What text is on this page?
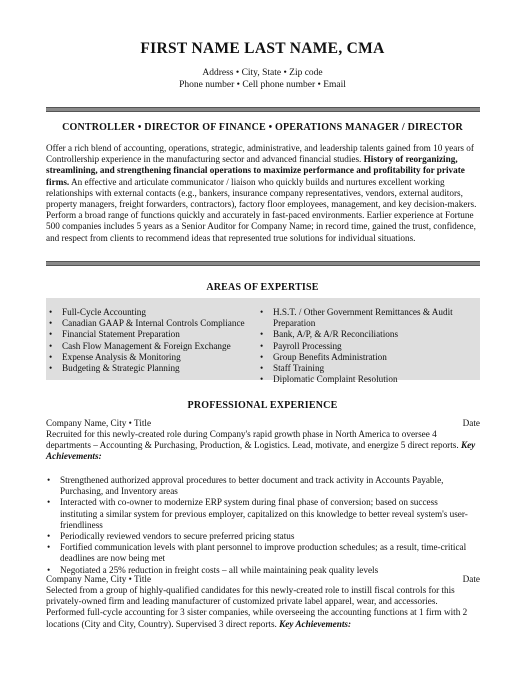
FIRST NAME LAST NAME, CMA
Address • City, State • Zip code
Phone number • Cell phone number • Email
CONTROLLER • DIRECTOR OF FINANCE • OPERATIONS MANAGER / DIRECTOR

Offer a rich blend of accounting, operations, strategic, administrative, and leadership talents gained from 10 years of Controllership experience in the manufacturing sector and advanced financial studies. History of reorganizing, streamlining, and strengthening financial operations to maximize performance and profitability for private firms. An effective and articulate communicator / liaison who quickly builds and nurtures excellent working relationships with external contacts (e.g., bankers, insurance company representatives, vendors, external auditors, property managers, freight forwarders, contractors), factory floor employees, management, and key decision-makers. Perform a broad range of functions quickly and accurately in fast-paced environments. Earlier experience at Fortune 500 companies includes 5 years as a Senior Auditor for Company Name; in record time, gained the trust, confidence, and respect from clients to recommend ideas that represented true solutions for individual situations.

AREAS OF EXPERTISE
• Full-Cycle Accounting
• Canadian GAAP & Internal Controls Compliance
• Financial Statement Preparation
• Cash Flow Management & Foreign Exchange
• Expense Analysis & Monitoring
• Budgeting & Strategic Planning
• H.S.T. / Other Government Remittances & Audit Preparation
• Bank, A/P, & A/R Reconciliations
• Payroll Processing
• Group Benefits Administration
• Staff Training
• Diplomatic Complaint Resolution
PROFESSIONAL EXPERIENCE
Company Name, City • Title	Date

Recruited for this newly-created role during Company's rapid growth phase in North America to oversee 4 departments – Accounting & Purchasing, Production, & Logistics. Lead, motivate, and energize 5 direct reports. Key Achievements:

• Strengthened authorized approval procedures to better document and track activity in Accounts Payable, Purchasing, and Inventory areas
• Interacted with co-owner to modernize ERP system during final phase of conversion; based on success instituting a similar system for previous employer, capitalized on this knowledge to better reveal system's user-friendliness
• Periodically reviewed vendors to secure preferred pricing status
• Fortified communication levels with plant personnel to improve production schedules; as a result, time-critical deadlines are now being met
• Negotiated a 25% reduction in freight costs – all while maintaining peak quality levels
Company Name, City • Title	Date

Selected from a group of highly-qualified candidates for this newly-created role to instill fiscal controls for this privately-owned firm and leading manufacturer of customized private label apparel, wear, and accessories. Performed full-cycle accounting for 3 sister companies, while overseeing the accounting functions at 1 firm with 2 locations (City and City, Country). Supervised 3 direct reports. Key Achievements:
